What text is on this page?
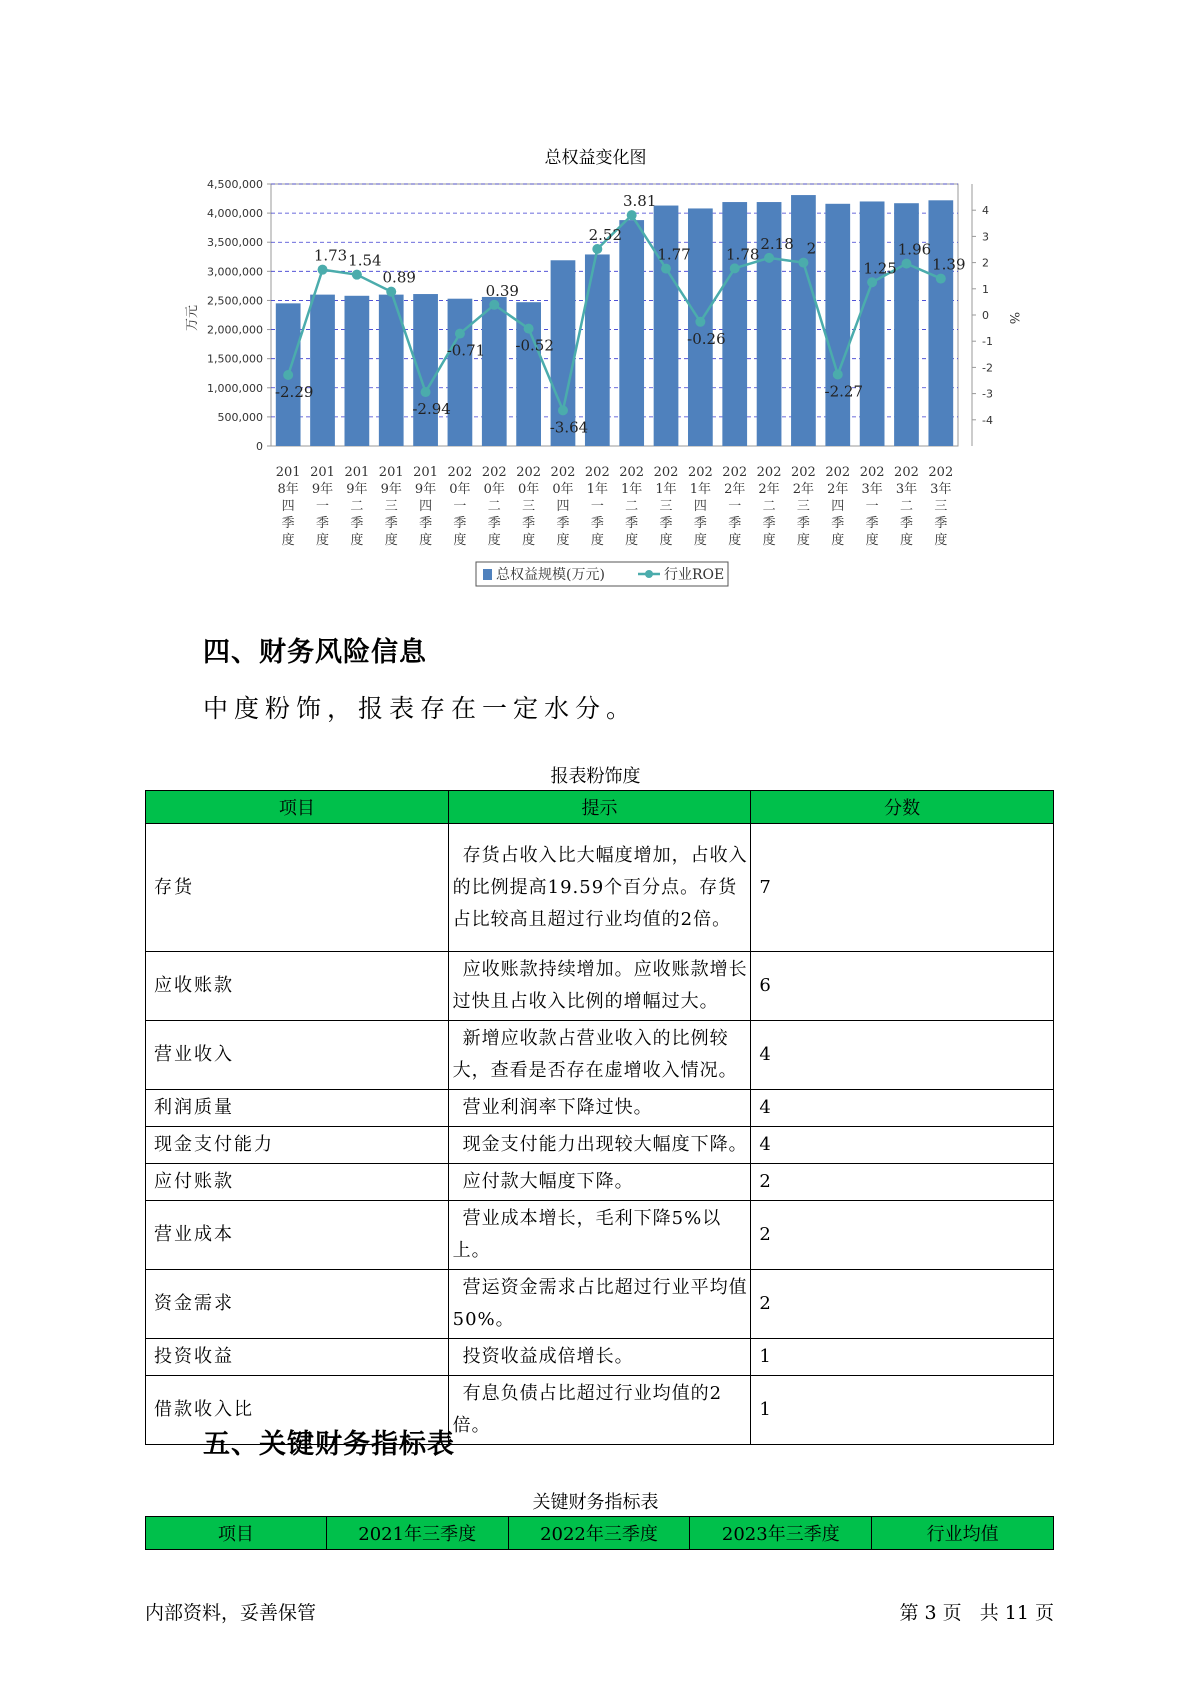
总权益变化图
0
500,000
1,000,000
1,500,000
2,000,000
2,500,000
3,000,000
3,500,000
4,000,000
4,500,000
-4
-3
-2
-1
0
1
2
3
4
万元	%
-2.29
1.73 1.54
0.89
-2.94
-0.71
0.39
-0.52
-3.64
2.52
3.81
1.77
-0.26
1.78
2.18 2
-2.27
1.25
1.96
1.39
201
8年
四
季
度
201
9年
一
季
度
201
9年
二
季
度
201
9年
三
季
度
201
9年
四
季
度
202
0年
一
季
度
202
0年
二
季
度
202
0年
三
季
度
202
0年
四
季
度
202
1年
一
季
度
202
1年
二
季
度
202
1年
三
季
度
202
1年
四
季
度
202
2年
一
季
度
202
2年
二
季
度
202
2年
三
季
度
202
2年
四
季
度
202
3年
一
季
度
202
3年
二
季
度
202
3年
三
季
度
总权益规模(万元)	行业ROE
四、财务风险信息
中度粉饰，报表存在一定水分。
报表粉饰度
项目	提示	分数
存货	存货占收入比大幅度增加，占收入的比例提高19.59个百分点。存货占比较高且超过行业均值的2倍。	7
应收账款	应收账款持续增加。应收账款增长过快且占收入比例的增幅过大。	6
营业收入	新增应收款占营业收入的比例较大，查看是否存在虚增收入情况。	4
利润质量	营业利润率下降过快。	4
现金支付能力	现金支付能力出现较大幅度下降。	4
应付账款	应付款大幅度下降。	2
营业成本	营业成本增长，毛利下降5%以上。	2
资金需求	营运资金需求占比超过行业平均值50%。	2
投资收益	投资收益成倍增长。	1
借款收入比	有息负债占比超过行业均值的2倍。	1
五、关键财务指标表
关键财务指标表
项目	2021年三季度	2022年三季度	2023年三季度	行业均值
内部资料，妥善保管	第 3 页   共 11 页
